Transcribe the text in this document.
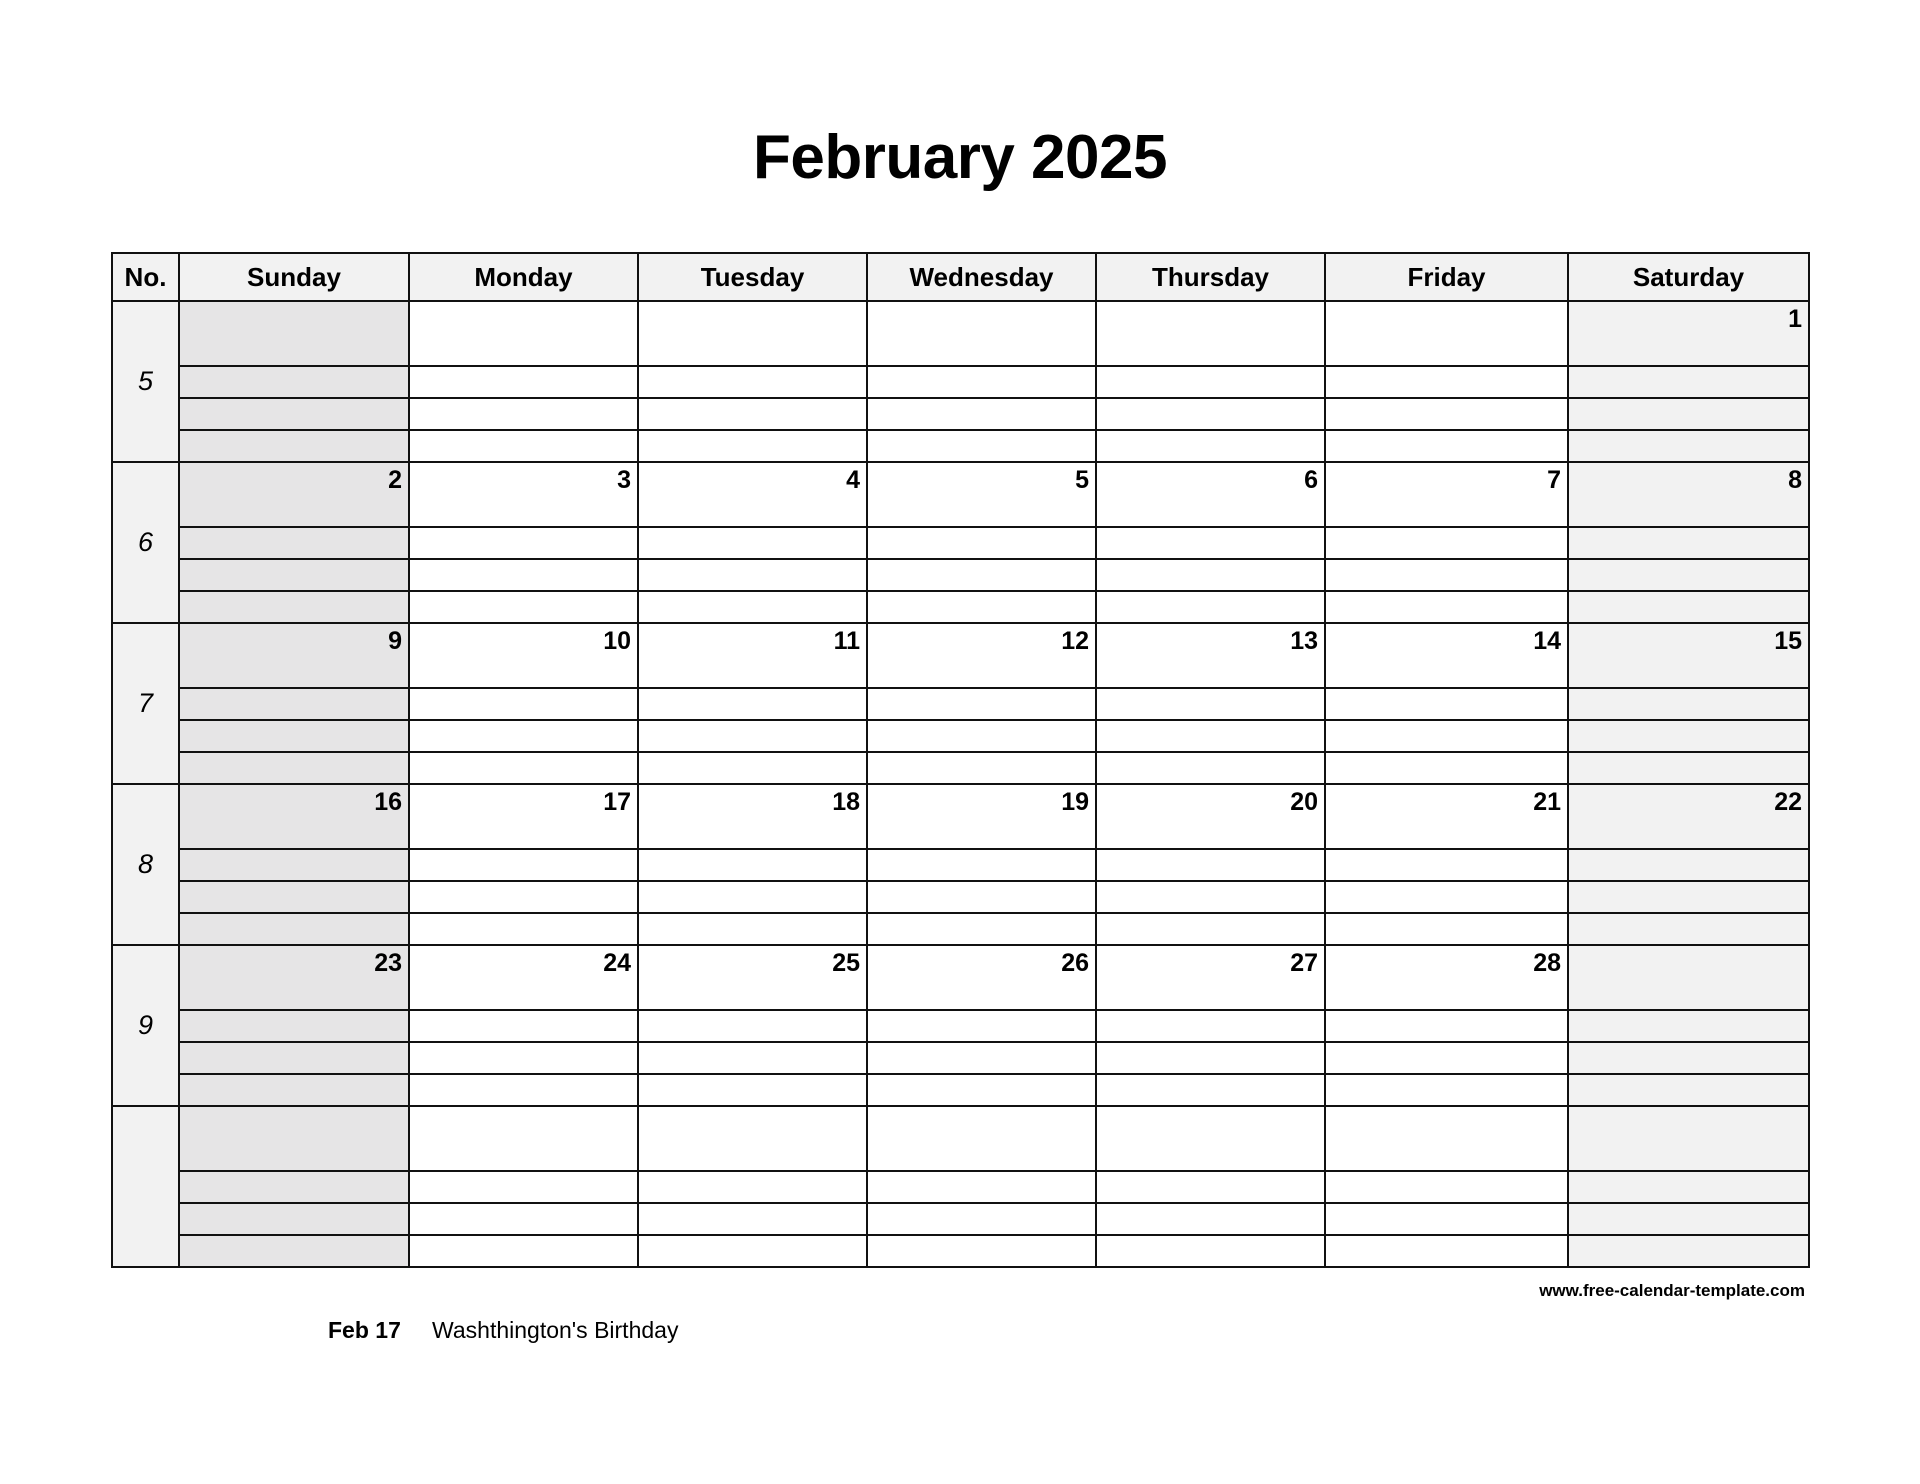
February 2025
No.	Sunday	Monday	Tuesday	Wednesday	Thursday	Friday	Saturday
5							1

6	2	3	4	5	6	7	8

7	9	10	11	12	13	14	15

8	16	17	18	19	20	21	22

9	23	24	25	26	27	28	

www.free-calendar-template.com
Feb 17 Washthington's Birthday
